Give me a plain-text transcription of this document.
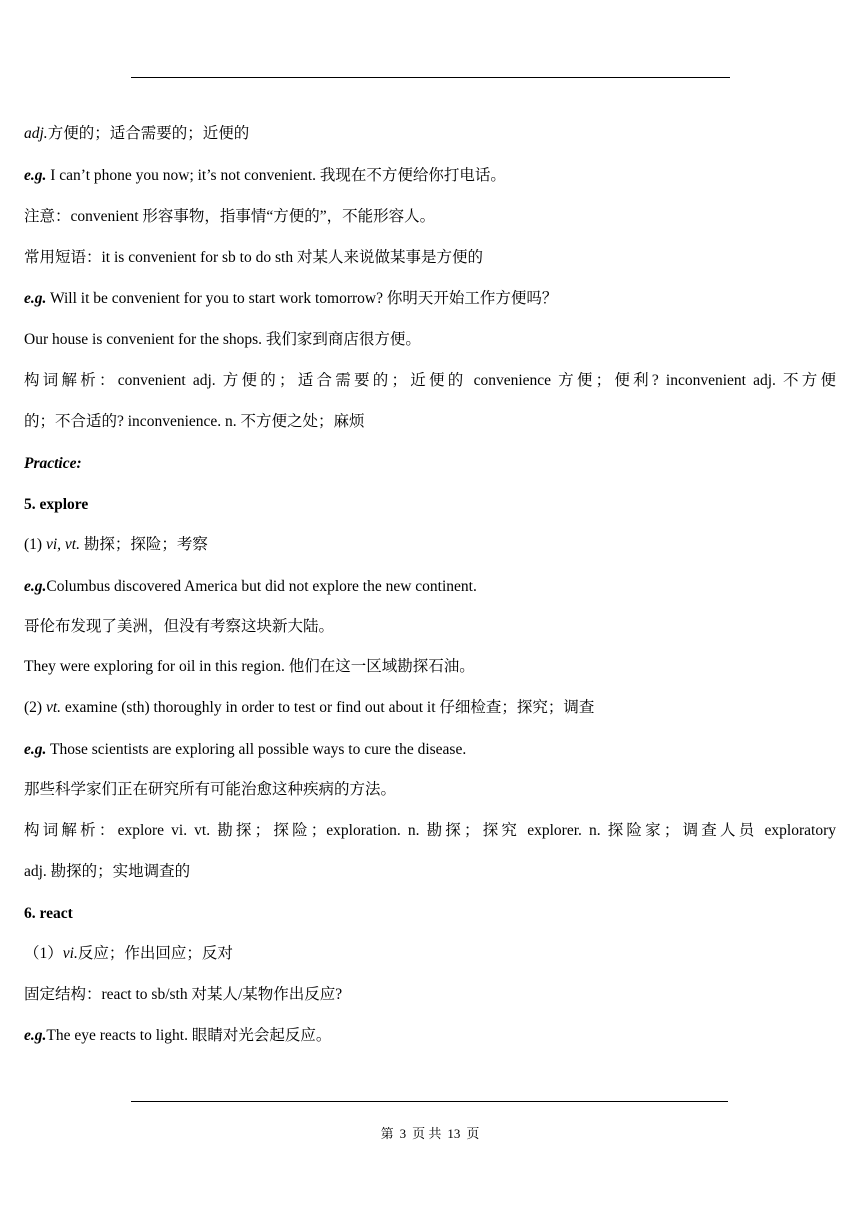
adj.方便的；适合需要的；近便的
e.g. I can’t phone you now; it’s not convenient. 我现在不方便给你打电话。
注意：convenient 形容事物，指事情“方便的”，不能形容人。
常用短语：it is convenient for sb to do sth 对某人来说做某事是方便的
e.g. Will it be convenient for you to start work tomorrow? 你明天开始工作方便吗？
Our house is convenient for the shops. 我们家到商店很方便。
构词解析：convenient adj. 方便的；适合需要的；近便的 convenience 方便；便利? inconvenient adj. 不方便
的；不合适的? inconvenience. n. 不方便之处；麻烦
Practice:
5. explore
(1) vi, vt. 勘探；探险；考察
e.g.Columbus discovered America but did not explore the new continent.
哥伦布发现了美洲，但没有考察这块新大陆。
They were exploring for oil in this region. 他们在这一区域勘探石油。
(2) vt. examine (sth) thoroughly in order to test or find out about it 仔细检查；探究；调查
e.g. Those scientists are exploring all possible ways to cure the disease.
那些科学家们正在研究所有可能治愈这种疾病的方法。
构词解析：explore vi. vt. 勘探；探险；exploration. n. 勘探；探究 explorer. n. 探险家；调查人员 exploratory
adj. 勘探的；实地调查的
6. react
（1）vi.反应；作出回应；反对
固定结构：react to sb/sth 对某人/某物作出反应?
e.g.The eye reacts to light. 眼睛对光会起反应。
第 3 页 共 13 页
